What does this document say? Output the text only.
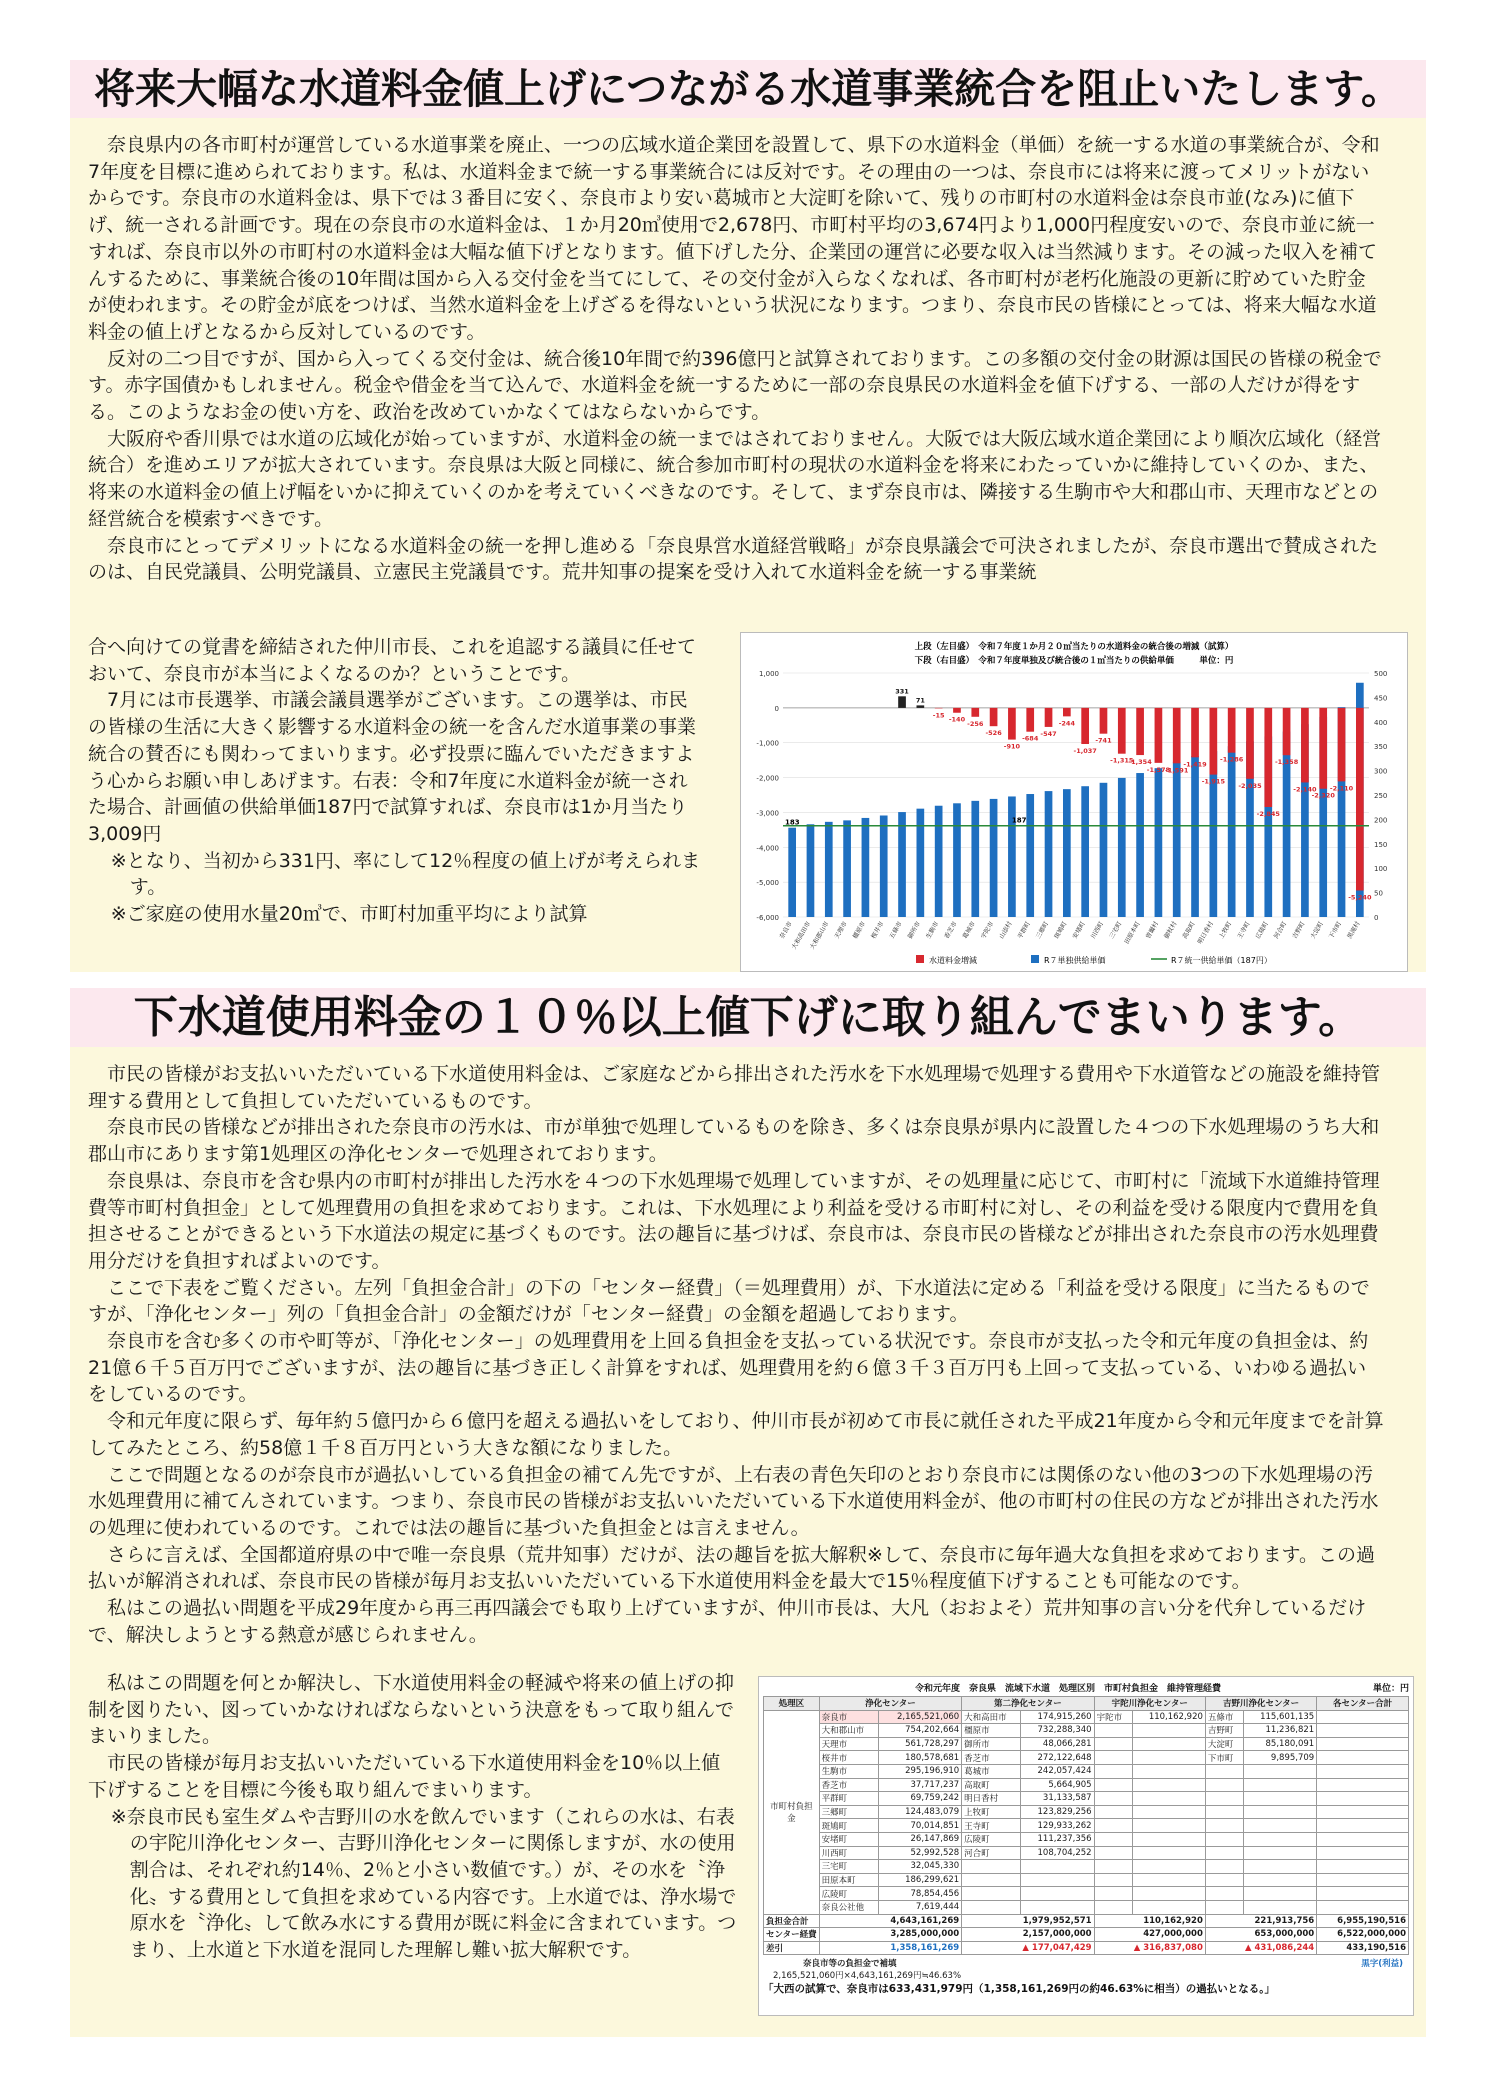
将来大幅な水道料金値上げにつながる水道事業統合を阻止いたします。

奈良県内の各市町村が運営している水道事業を廃止、一つの広域水道企業団を設置して、県下の水道料金（単価）を統一する水道の事業統合が、令和7年度を目標に進められております。私は、水道料金まで統一する事業統合には反対です。その理由の一つは、奈良市には将来に渡ってメリットがないからです。奈良市の水道料金は、県下では３番目に安く、奈良市より安い葛城市と大淀町を除いて、残りの市町村の水道料金は奈良市並(なみ)に値下げ、統一される計画です。現在の奈良市の水道料金は、１か月20㎥使用で2,678円、市町村平均の3,674円より1,000円程度安いので、奈良市並に統一すれば、奈良市以外の市町村の水道料金は大幅な値下げとなります。値下げした分、企業団の運営に必要な収入は当然減ります。その減った収入を補てんするために、事業統合後の10年間は国から入る交付金を当てにして、その交付金が入らなくなれば、各市町村が老朽化施設の更新に貯めていた貯金が使われます。その貯金が底をつけば、当然水道料金を上げざるを得ないという状況になります。つまり、奈良市民の皆様にとっては、将来大幅な水道料金の値上げとなるから反対しているのです。

反対の二つ目ですが、国から入ってくる交付金は、統合後10年間で約396億円と試算されております。この多額の交付金の財源は国民の皆様の税金です。赤字国債かもしれません。税金や借金を当て込んで、水道料金を統一するために一部の奈良県民の水道料金を値下げする、一部の人だけが得をする。このようなお金の使い方を、政治を改めていかなくてはならないからです。

大阪府や香川県では水道の広域化が始っていますが、水道料金の統一まではされておりません。大阪では大阪広域水道企業団により順次広域化（経営統合）を進めエリアが拡大されています。奈良県は大阪と同様に、統合参加市町村の現状の水道料金を将来にわたっていかに維持していくのか、また、将来の水道料金の値上げ幅をいかに抑えていくのかを考えていくべきなのです。そして、まず奈良市は、隣接する生駒市や大和郡山市、天理市などとの経営統合を模索すべきです。

奈良市にとってデメリットになる水道料金の統一を押し進める「奈良県営水道経営戦略」が奈良県議会で可決されましたが、奈良市選出で賛成されたのは、自民党議員、公明党議員、立憲民主党議員です。荒井知事の提案を受け入れて水道料金を統一する事業統

合へ向けての覚書を締結された仲川市長、これを追認する議員に任せておいて、奈良市が本当によくなるのか？ということです。

7月には市長選挙、市議会議員選挙がございます。この選挙は、市民の皆様の生活に大きく影響する水道料金の統一を含んだ水道事業の事業統合の賛否にも関わってまいります。必ず投票に臨んでいただきますよう心からお願い申しあげます。右表：令和7年度に水道料金が統一された場合、計画値の供給単価187円で試算すれば、奈良市は1か月当たり3,009円

※となり、当初から331円、率にして12％程度の値上げが考えられます。

※ご家庭の使用水量20㎥で、市町村加重平均により試算

上段（左目盛）　令和７年度１か月２０㎥当たりの水道料金の統合後の増減（試算）
下段（右目盛）　令和７年度単独及び統合後の１㎥当たりの供給単価　　　単位：円
1,000
0
-1,000
-2,000
-3,000
-4,000
-5,000
-6,000
500
450
400
350
300
250
200
150
100
50
0
331
71
-15
-140
-256
-526
-910
-684
-547
-244
-1,037
-741
-1,315
-1,354
-1,578
-1,591
-1,419
-1,915
-1,286
-2,035
-2,845
-1,358
-2,140
-2,320
-2,110
-5,240
奈良市
大和高田市
大和郡山市 天理市 橿原市 桜井市 五條市 御所市 生駒市 香芝市 葛城市 宇陀市 山添村 平群町 三郷町 斑鳩町 安堵町 川西町 三宅町 田原本町 曽爾村 御杖村 高取町 明日香村 上牧町 王寺町 広陵町 河合町 吉野町 大淀町 下市町 黒滝村
183	187
水道料金増減	R７単独供給単価	R７統一供給単価（187円）
下水道使用料金の１０％以上値下げに取り組んでまいります。

市民の皆様がお支払いいただいている下水道使用料金は、ご家庭などから排出された汚水を下水処理場で処理する費用や下水道管などの施設を維持管理する費用として負担していただいているものです。

奈良市民の皆様などが排出された奈良市の汚水は、市が単独で処理しているものを除き、多くは奈良県が県内に設置した４つの下水処理場のうち大和郡山市にあります第1処理区の浄化センターで処理されております。

奈良県は、奈良市を含む県内の市町村が排出した汚水を４つの下水処理場で処理していますが、その処理量に応じて、市町村に「流域下水道維持管理費等市町村負担金」として処理費用の負担を求めております。これは、下水処理により利益を受ける市町村に対し、その利益を受ける限度内で費用を負担させることができるという下水道法の規定に基づくものです。法の趣旨に基づけば、奈良市は、奈良市民の皆様などが排出された奈良市の汚水処理費用分だけを負担すればよいのです。

ここで下表をご覧ください。左列「負担金合計」の下の「センター経費」（＝処理費用）が、下水道法に定める「利益を受ける限度」に当たるものですが、「浄化センター」列の「負担金合計」の金額だけが「センター経費」の金額を超過しております。

奈良市を含む多くの市や町等が、「浄化センター」の処理費用を上回る負担金を支払っている状況です。奈良市が支払った令和元年度の負担金は、約21億６千５百万円でございますが、法の趣旨に基づき正しく計算をすれば、処理費用を約６億３千３百万円も上回って支払っている、いわゆる過払いをしているのです。

令和元年度に限らず、毎年約５億円から６億円を超える過払いをしており、仲川市長が初めて市長に就任された平成21年度から令和元年度までを計算してみたところ、約58億１千８百万円という大きな額になりました。

ここで問題となるのが奈良市が過払いしている負担金の補てん先ですが、上右表の青色矢印のとおり奈良市には関係のない他の3つの下水処理場の汚水処理費用に補てんされています。つまり、奈良市民の皆様がお支払いいただいている下水道使用料金が、他の市町村の住民の方などが排出された汚水の処理に使われているのです。これでは法の趣旨に基づいた負担金とは言えません。

さらに言えば、全国都道府県の中で唯一奈良県（荒井知事）だけが、法の趣旨を拡大解釈※して、奈良市に毎年過大な負担を求めております。この過払いが解消されれば、奈良市民の皆様が毎月お支払いいただいている下水道使用料金を最大で15％程度値下げすることも可能なのです。

私はこの過払い問題を平成29年度から再三再四議会でも取り上げていますが、仲川市長は、大凡（おおよそ）荒井知事の言い分を代弁しているだけで、解決しようとする熱意が感じられません。

私はこの問題を何とか解決し、下水道使用料金の軽減や将来の値上げの抑制を図りたい、図っていかなければならないという決意をもって取り組んでまいりました。

市民の皆様が毎月お支払いいただいている下水道使用料金を10％以上値下げすることを目標に今後も取り組んでまいります。

※奈良市民も室生ダムや吉野川の水を飲んでいます（これらの水は、右表の宇陀川浄化センター、吉野川浄化センターに関係しますが、水の使用割合は、それぞれ約14％、2％と小さい数値です。）が、その水を〝浄化〟する費用として負担を求めている内容です。上水道では、浄水場で原水を〝浄化〟して飲み水にする費用が既に料金に含まれています。つまり、上水道と下水道を混同した理解し難い拡大解釈です。

令和元年度　奈良県　流域下水道　処理区別　市町村負担金　維持管理経費	単位：円
処理区	浄化センター		第二浄化センター		宇陀川浄化センター		吉野川浄化センター		各センター合計
市町村負担金	奈良市	2,165,521,060	大和高田市	174,915,260	宇陀市	110,162,920	五條市	115,601,135	
	大和郡山市	754,202,664	橿原市	732,288,340			吉野町	11,236,821	
	天理市	561,728,297	御所市	48,066,281			大淀町	85,180,091	
	桜井市	180,578,681	香芝市	272,122,648			下市町	9,895,709	
	生駒市	295,196,910	葛城市	242,057,424					
	香芝市	37,717,237	高取町	5,664,905					
	平群町	69,759,242	明日香村	31,133,587					
	三郷町	124,483,079	上牧町	123,829,256					
	斑鳩町	70,014,851	王寺町	129,933,262					
	安堵町	26,147,869	広陵町	111,237,356					
	川西町	52,992,528	河合町	108,704,252					
	三宅町	32,045,330							
	田原本町	186,299,621							
	広陵町	78,854,456							
	奈良公社他	7,619,444							
負担金合計	4,643,161,269		1,979,952,571		110,162,920		221,913,756		6,955,190,516
センター経費	3,285,000,000		2,157,000,000		427,000,000		653,000,000		6,522,000,000
差引	1,358,161,269		▲ 177,047,429		▲ 316,837,080		▲ 431,086,244		433,190,516
奈良市等の負担金で補填
2,165,521,060円×4,643,161,269円≒46.63%
黒字(利益)
「大西の試算で、奈良市は633,431,979円（1,358,161,269円の約46.63%に相当）の過払いとなる。」
